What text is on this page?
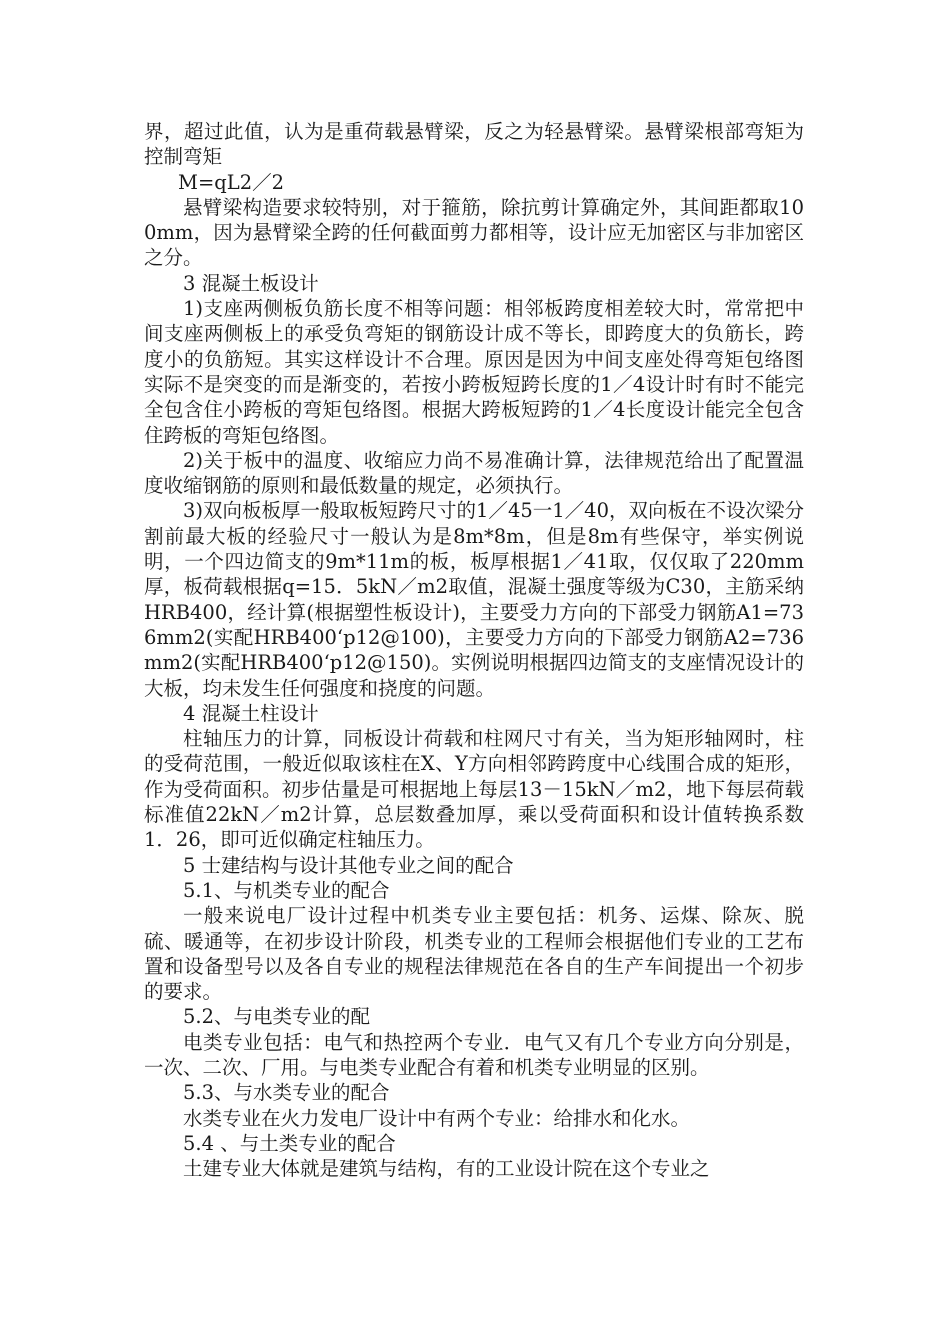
界，超过此值，认为是重荷载悬臂梁，反之为轻悬臂梁。悬臂梁根部弯矩为控制弯矩

M=qL2／2

悬臂梁构造要求较特别，对于箍筋，除抗剪计算确定外，其间距都取100mm，因为悬臂梁全跨的任何截面剪力都相等，设计应无加密区与非加密区之分。

3 混凝土板设计

1)支座两侧板负筋长度不相等问题：相邻板跨度相差较大时，常常把中间支座两侧板上的承受负弯矩的钢筋设计成不等长，即跨度大的负筋长，跨度小的负筋短。其实这样设计不合理。原因是因为中间支座处得弯矩包络图实际不是突变的而是渐变的，若按小跨板短跨长度的1／4设计时有时不能完全包含住小跨板的弯矩包络图。根据大跨板短跨的1／4长度设计能完全包含住跨板的弯矩包络图。

2)关于板中的温度、收缩应力尚不易准确计算，法律规范给出了配置温度收缩钢筋的原则和最低数量的规定，必须执行。

3)双向板板厚一般取板短跨尺寸的1／45一1／40，双向板在不设次梁分割前最大板的经验尺寸一般认为是8m*8m，但是8m有些保守，举实例说明，一个四边简支的9m*11m的板，板厚根据1／41取，仅仅取了220mm厚，板荷载根据q=15．5kN／m2取值，混凝土强度等级为C30，主筋采纳HRB400，经计算(根据塑性板设计)，主要受力方向的下部受力钢筋A1=736mm2(实配HRB400‘p12@100)，主要受力方向的下部受力钢筋A2=736mm2(实配HRB400‘p12@150)。实例说明根据四边简支的支座情况设计的大板，均未发生任何强度和挠度的问题。

4 混凝土柱设计

柱轴压力的计算，同板设计荷载和柱网尺寸有关，当为矩形轴网时，柱的受荷范围，一般近似取该柱在X、Y方向相邻跨跨度中心线围合成的矩形，作为受荷面积。初步估量是可根据地上每层13－15kN／m2，地下每层荷载标准值22kN／m2计算，总层数叠加厚，乘以受荷面积和设计值转换系数1．26，即可近似确定柱轴压力。

5 士建结构与设计其他专业之间的配合

5.1、与机类专业的配合

一般来说电厂设计过程中机类专业主要包括：机务、运煤、除灰、脱硫、暖通等，在初步设计阶段，机类专业的工程师会根据他们专业的工艺布置和设备型号以及各自专业的规程法律规范在各自的生产车间提出一个初步的要求。

5.2、与电类专业的配

电类专业包括：电气和热控两个专业．电气又有几个专业方向分别是，一次、二次、厂用。与电类专业配合有着和机类专业明显的区别。

5.3、与水类专业的配合

水类专业在火力发电厂设计中有两个专业：给排水和化水。

5.4 、与土类专业的配合

土建专业大体就是建筑与结构，有的工业设计院在这个专业之
